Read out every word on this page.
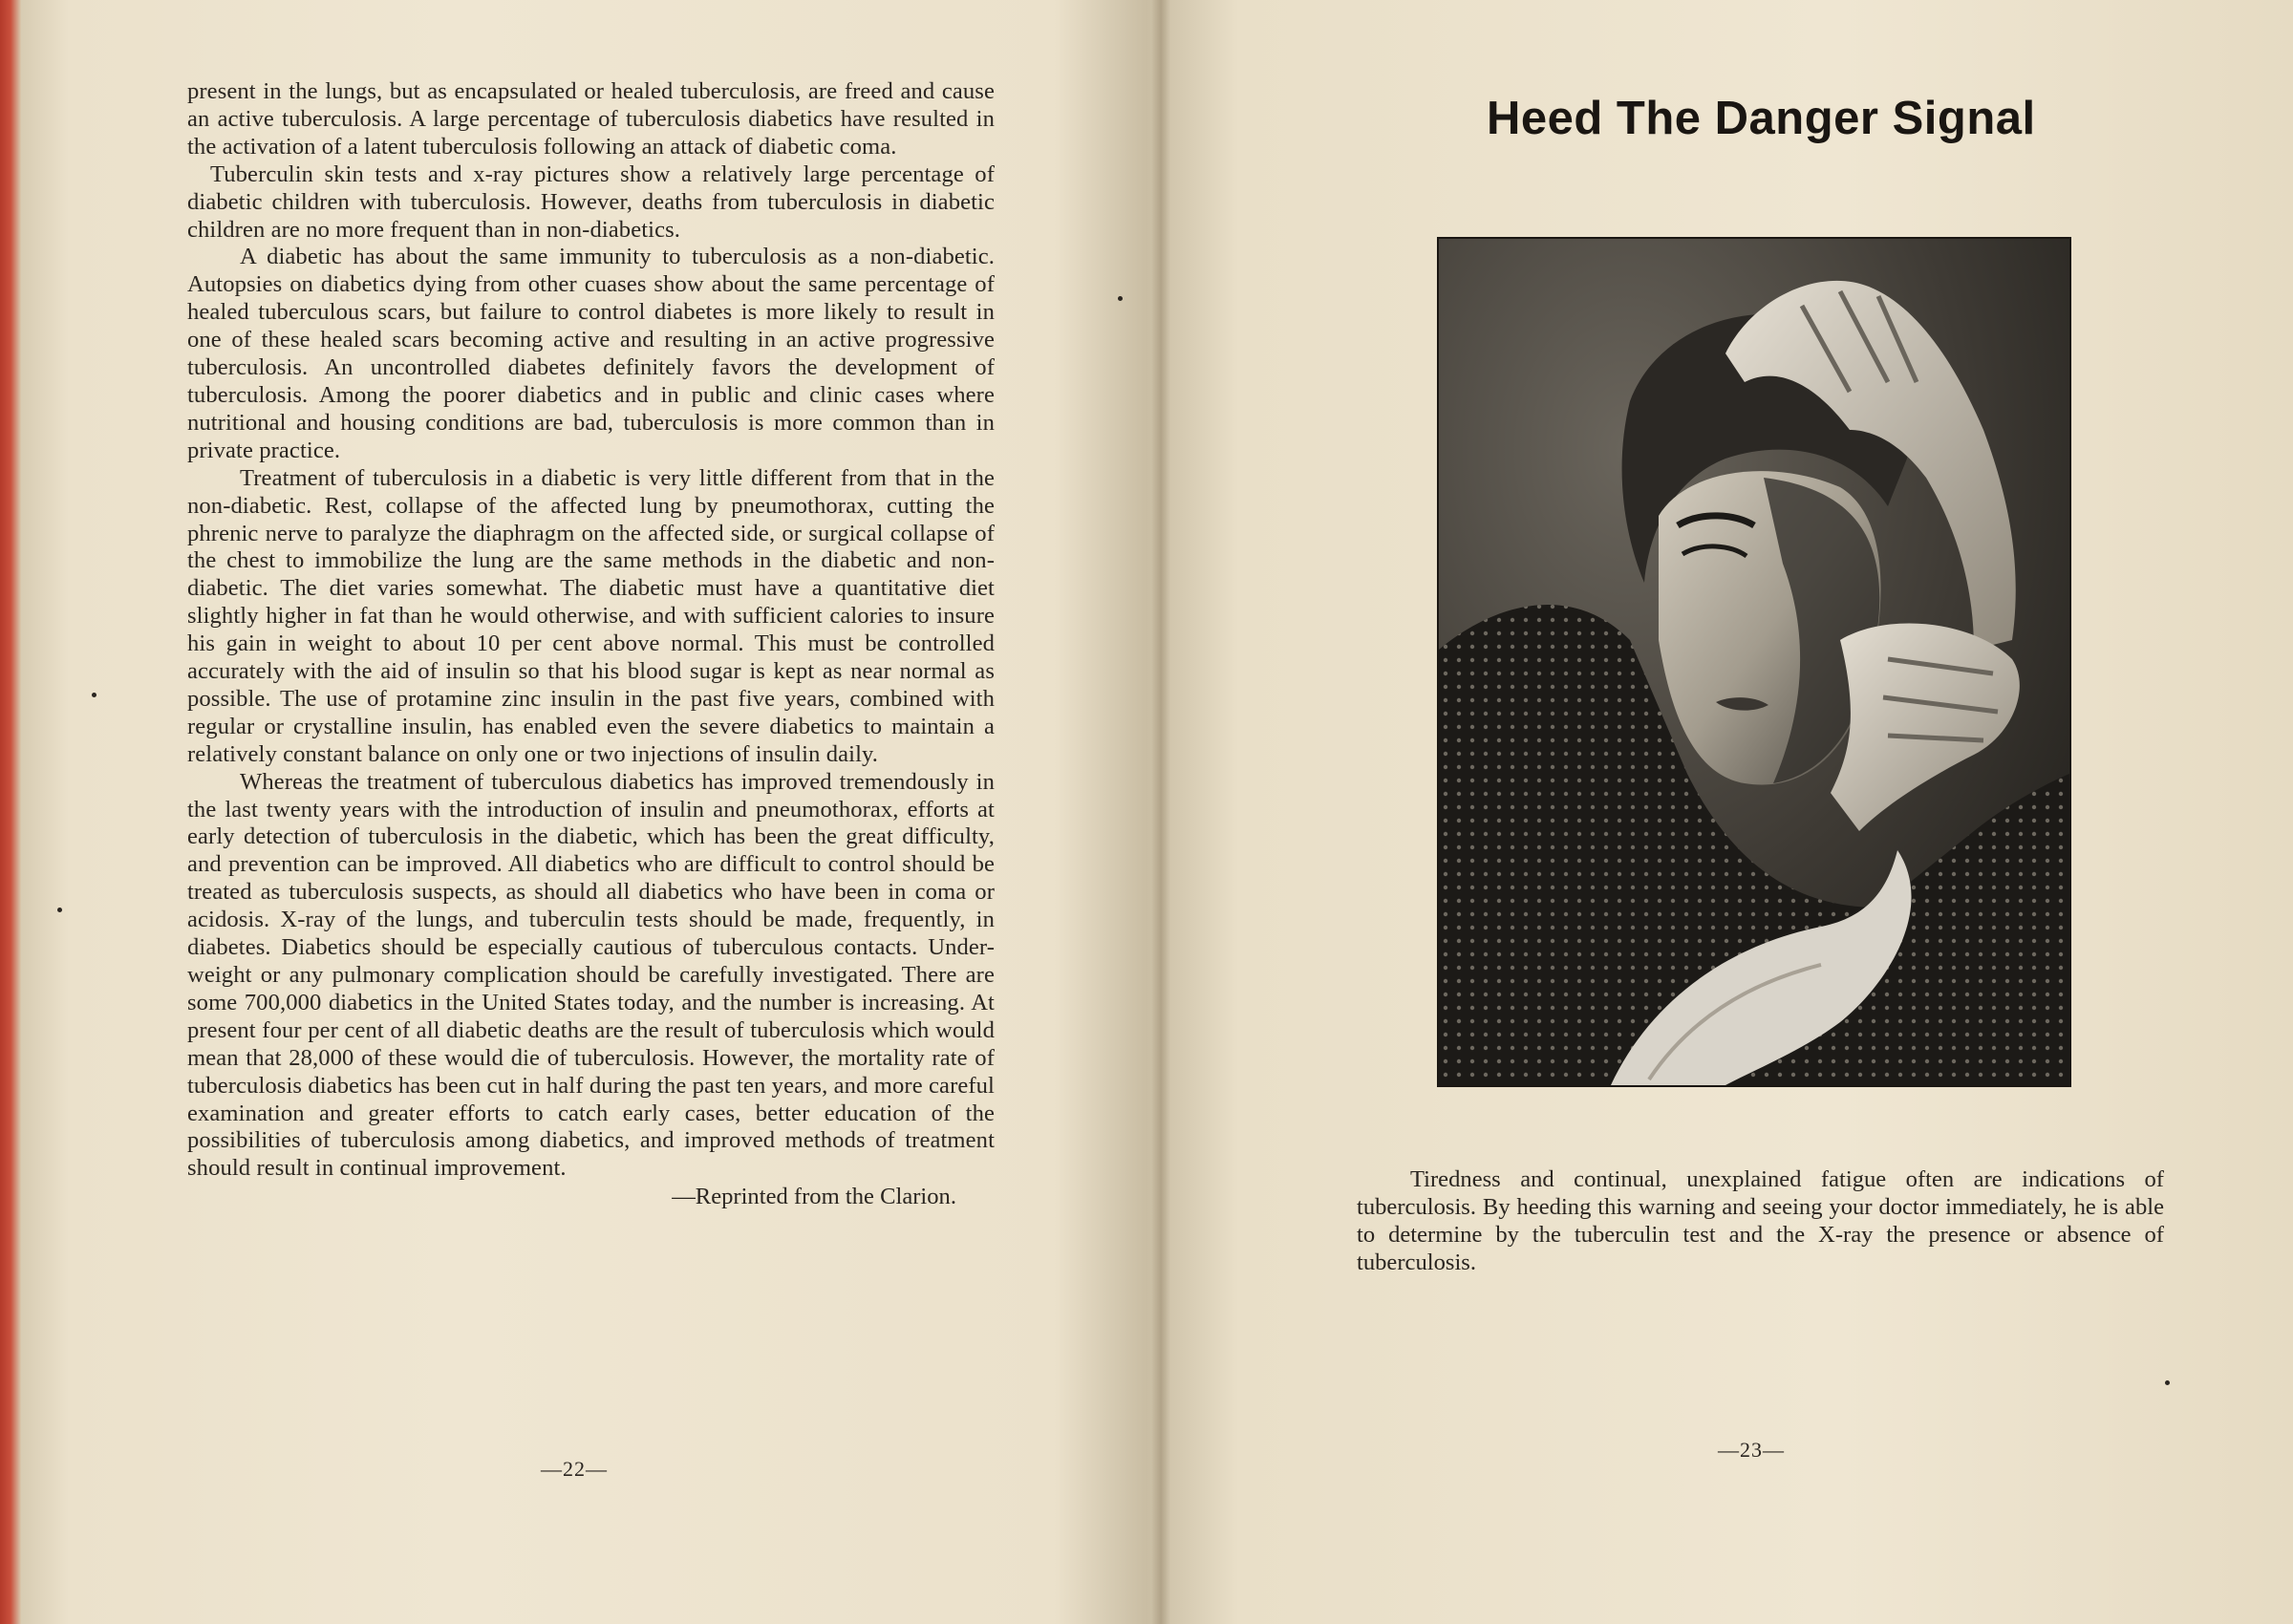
present in the lungs, but as encapsulated or healed tuberculosis, are freed and cause an active tuberculosis. A large percentage of tuberculosis diabetics have resulted in the activation of a latent tuberculosis following an attack of diabetic coma.

Tuberculin skin tests and x-ray pictures show a relatively large percentage of diabetic children with tuberculosis. However, deaths from tuberculosis in diabetic children are no more frequent than in non-diabetics.

A diabetic has about the same immunity to tuberculosis as a non-diabetic. Autopsies on diabetics dying from other cuases show about the same percentage of healed tuberculous scars, but failure to control diabetes is more likely to result in one of these healed scars becoming active and resulting in an active progressive tuberculosis. An uncontrolled diabetes definitely favors the development of tuberculosis. Among the poorer diabetics and in public and clinic cases where nutritional and housing conditions are bad, tuberculosis is more common than in private practice.

Treatment of tuberculosis in a diabetic is very little different from that in the non-diabetic. Rest, collapse of the affected lung by pneumothorax, cutting the phrenic nerve to paralyze the diaphragm on the affected side, or surgical collapse of the chest to immobilize the lung are the same methods in the diabetic and non-diabetic. The diet varies somewhat. The diabetic must have a quantitative diet slightly higher in fat than he would otherwise, and with sufficient calories to insure his gain in weight to about 10 per cent above normal. This must be controlled accurately with the aid of insulin so that his blood sugar is kept as near normal as possible. The use of protamine zinc insulin in the past five years, combined with regular or crystalline insulin, has enabled even the severe diabetics to maintain a relatively constant balance on only one or two injections of insulin daily.

Whereas the treatment of tuberculous diabetics has improved tremendously in the last twenty years with the introduction of insulin and pneumothorax, efforts at early detection of tuberculosis in the diabetic, which has been the great difficulty, and prevention can be improved. All diabetics who are difficult to control should be treated as tuberculosis suspects, as should all diabetics who have been in coma or acidosis. X-ray of the lungs, and tuberculin tests should be made, frequently, in diabetes. Diabetics should be especially cautious of tuberculous contacts. Under-weight or any pulmonary complication should be carefully investigated. There are some 700,000 diabetics in the United States today, and the number is increasing. At present four per cent of all diabetic deaths are the result of tuberculosis which would mean that 28,000 of these would die of tuberculosis. However, the mortality rate of tuberculosis diabetics has been cut in half during the past ten years, and more careful examination and greater efforts to catch early cases, better education of the possibilities of tuberculosis among diabetics, and improved methods of treatment should result in continual improvement.

—Reprinted from the Clarion.
—22—
Heed The Danger Signal

Tiredness and continual, unexplained fatigue often are indications of tuberculosis. By heeding this warning and seeing your doctor immediately, he is able to determine by the tuberculin test and the X-ray the presence or absence of tuberculosis.

—23—
